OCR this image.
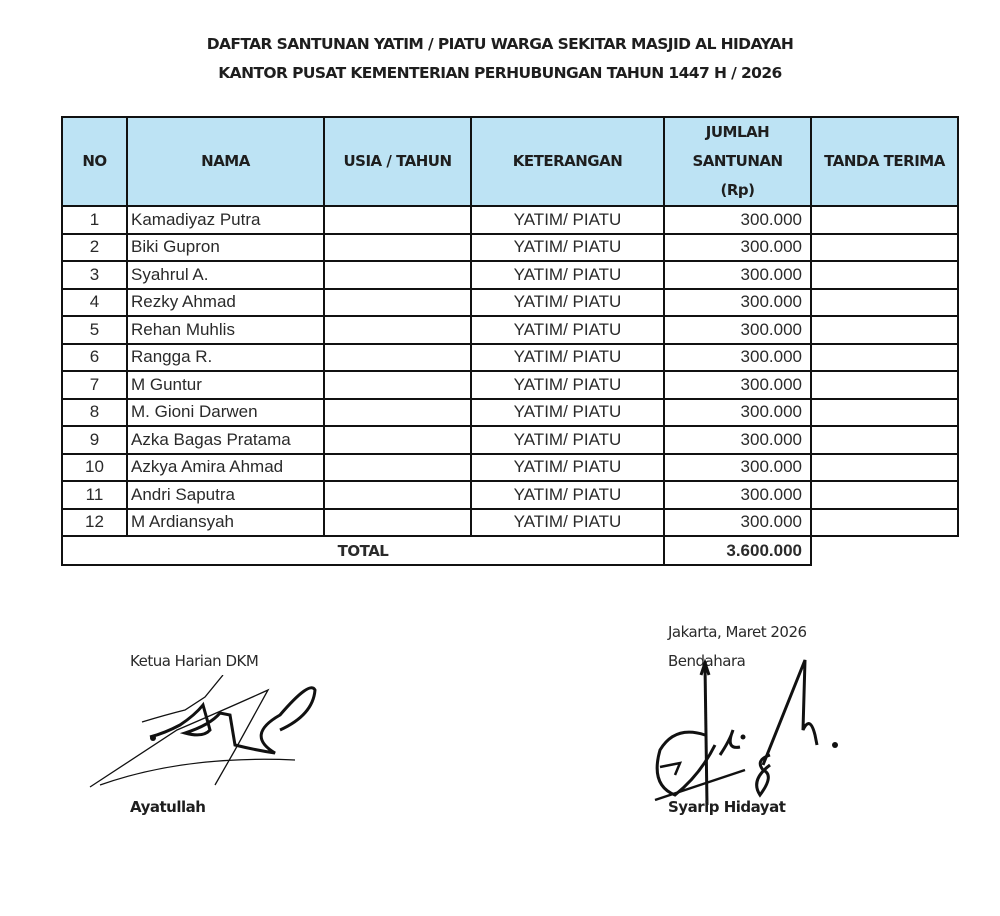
DAFTAR SANTUNAN YATIM / PIATU WARGA SEKITAR MASJID AL HIDAYAH
KANTOR PUSAT KEMENTERIAN PERHUBUNGAN TAHUN 1447 H / 2026
NO	NAMA	USIA / TAHUN	KETERANGAN	JUMLAH
SANTUNAN
(Rp)	TANDA TERIMA
1	Kamadiyaz Putra		YATIM/ PIATU	300.000	
2	Biki Gupron		YATIM/ PIATU	300.000	
3	Syahrul A.		YATIM/ PIATU	300.000	
4	Rezky Ahmad		YATIM/ PIATU	300.000	
5	Rehan Muhlis		YATIM/ PIATU	300.000	
6	Rangga R.		YATIM/ PIATU	300.000	
7	M Guntur		YATIM/ PIATU	300.000	
8	M. Gioni Darwen		YATIM/ PIATU	300.000	
9	Azka Bagas Pratama		YATIM/ PIATU	300.000	
10	Azkya Amira Ahmad		YATIM/ PIATU	300.000	
11	Andri Saputra		YATIM/ PIATU	300.000	
12	M Ardiansyah		YATIM/ PIATU	300.000	
TOTAL				3.600.000	
Ketua Harian DKM
Ayatullah
Jakarta, Maret 2026
Bendahara
Syarip Hidayat
